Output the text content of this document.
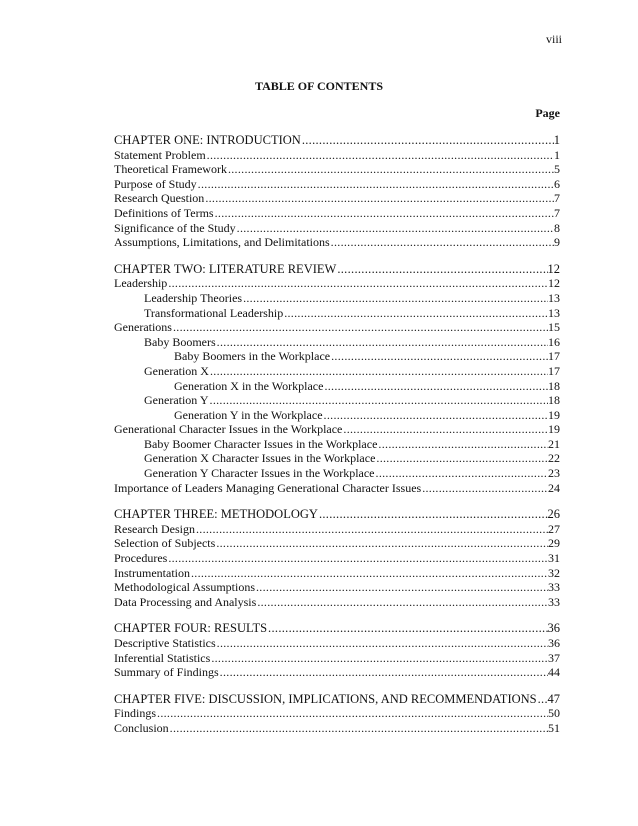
viii
TABLE OF CONTENTS
Page
CHAPTER ONE: INTRODUCTION .....	1
Statement Problem .....	1
Theoretical Framework .....	5
Purpose of Study .....	6
Research Question .....	7
Definitions of Terms .....	7
Significance of the Study .....	8
Assumptions, Limitations, and Delimitations .....	9
CHAPTER TWO: LITERATURE REVIEW .....	12
Leadership .....	12
Leadership Theories .....	13
Transformational Leadership .....	13
Generations .....	15
Baby Boomers .....	16
Baby Boomers in the Workplace .....	17
Generation X .....	17
Generation X in the Workplace .....	18
Generation Y .....	18
Generation Y in the Workplace .....	19
Generational Character Issues in the Workplace .....	19
Baby Boomer Character Issues in the Workplace .....	21
Generation X Character Issues in the Workplace .....	22
Generation Y Character Issues in the Workplace .....	23
Importance of Leaders Managing Generational Character Issues .....	24
CHAPTER THREE: METHODOLOGY .....	26
Research Design .....	27
Selection of Subjects .....	29
Procedures .....	31
Instrumentation .....	32
Methodological Assumptions .....	33
Data Processing and Analysis .....	33
CHAPTER FOUR: RESULTS .....	36
Descriptive Statistics .....	36
Inferential Statistics .....	37
Summary of Findings .....	44
CHAPTER FIVE: DISCUSSION, IMPLICATIONS, AND RECOMMENDATIONS ..... 47
Findings .....	50
Conclusion .....	51
